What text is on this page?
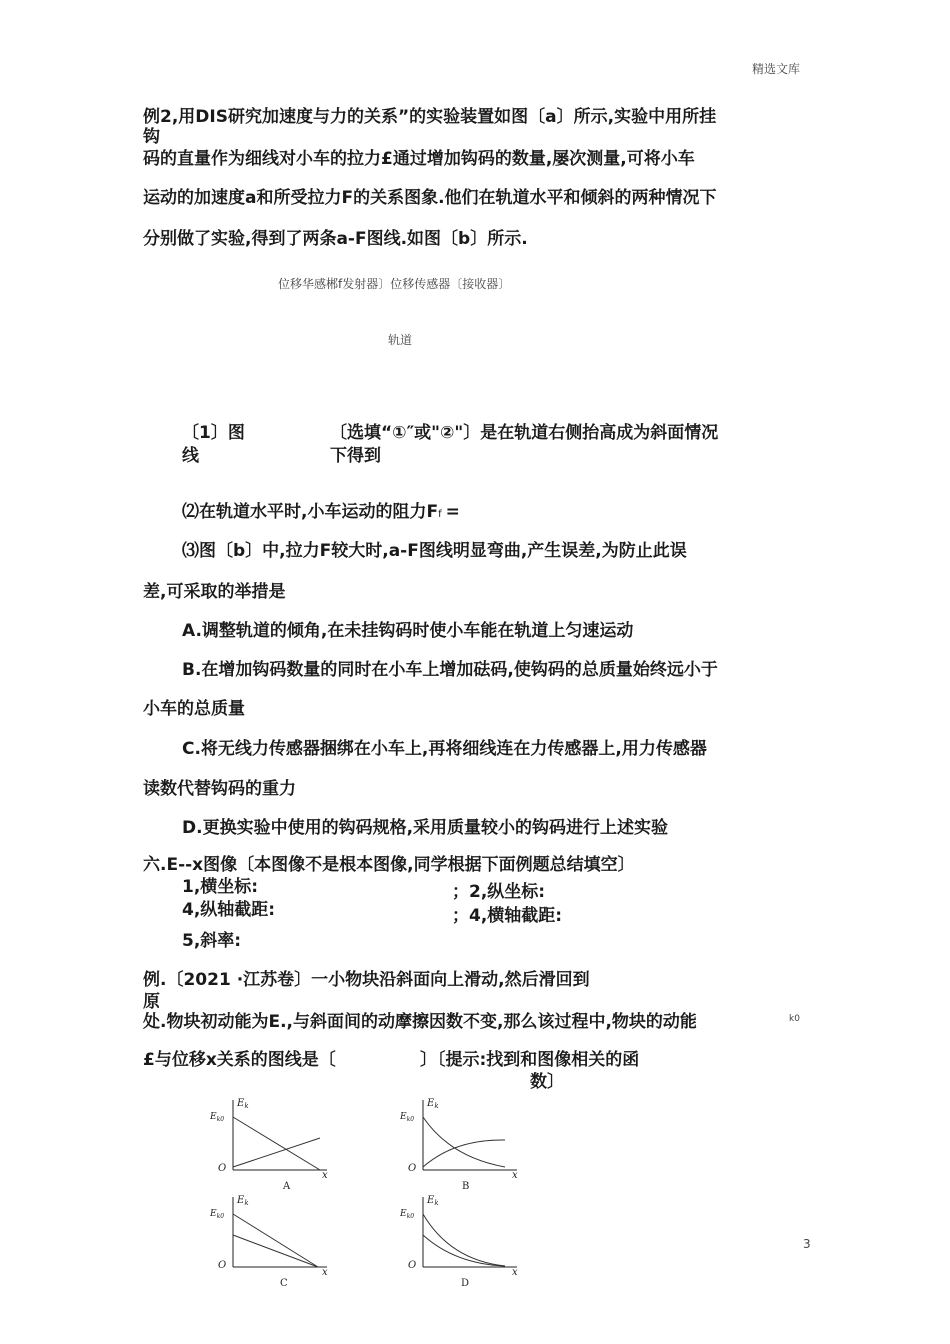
精选文库
例2,用DIS研究加速度与力的关系”的实验装置如图〔a〕所示,实验中用所挂
钩
码的直量作为细线对小车的拉力£通过增加钩码的数量,屡次测量,可将小车
运动的加速度a和所受拉力F的关系图象.他们在轨道水平和倾斜的两种情况下
分别做了实验,得到了两条a-F图线.如图〔b〕所示.
位移华感郴f发射器〕位移传感器〔接收器〕
轨道
〔1〕图
线
〔选填“①″或"②"〕是在轨道右侧抬高成为斜面情况
下得到
⑵在轨道水平时,小车运动的阻力Ff =
⑶图〔b〕中,拉力F较大时,a-F图线明显弯曲,产生误差,为防止此误
差,可采取的举措是
A.调整轨道的倾角,在未挂钩码时使小车能在轨道上匀速运动
B.在增加钩码数量的同时在小车上增加砝码,使钩码的总质量始终远小于
小车的总质量
C.将无线力传感器捆绑在小车上,再将细线连在力传感器上,用力传感器
读数代替钩码的重力
D.更换实验中使用的钩码规格,采用质量较小的钩码进行上述实验
六.E--x图像〔本图像不是根本图像,同学根据下面例题总结填空〕
1,横坐标:	；2,纵坐标:
4,纵轴截距:	；4,横轴截距:
5,斜率:
例.〔2021 ·江苏卷〕一小物块沿斜面向上滑动,然后滑回到
原
处.物块初动能为E.,与斜面间的动摩擦因数不变,那么该过程中,物块的动能	k0
£与位移x关系的图线是〔	〕〔提示:找到和图像相关的函
数〕
$E_k$
$E_{k0}$
O
x
A
$E_k$
$E_{k0}$
O
x
B
$E_k$
$E_{k0}$
O
x
C
$E_k$
$E_{k0}$
O
x
D
3
